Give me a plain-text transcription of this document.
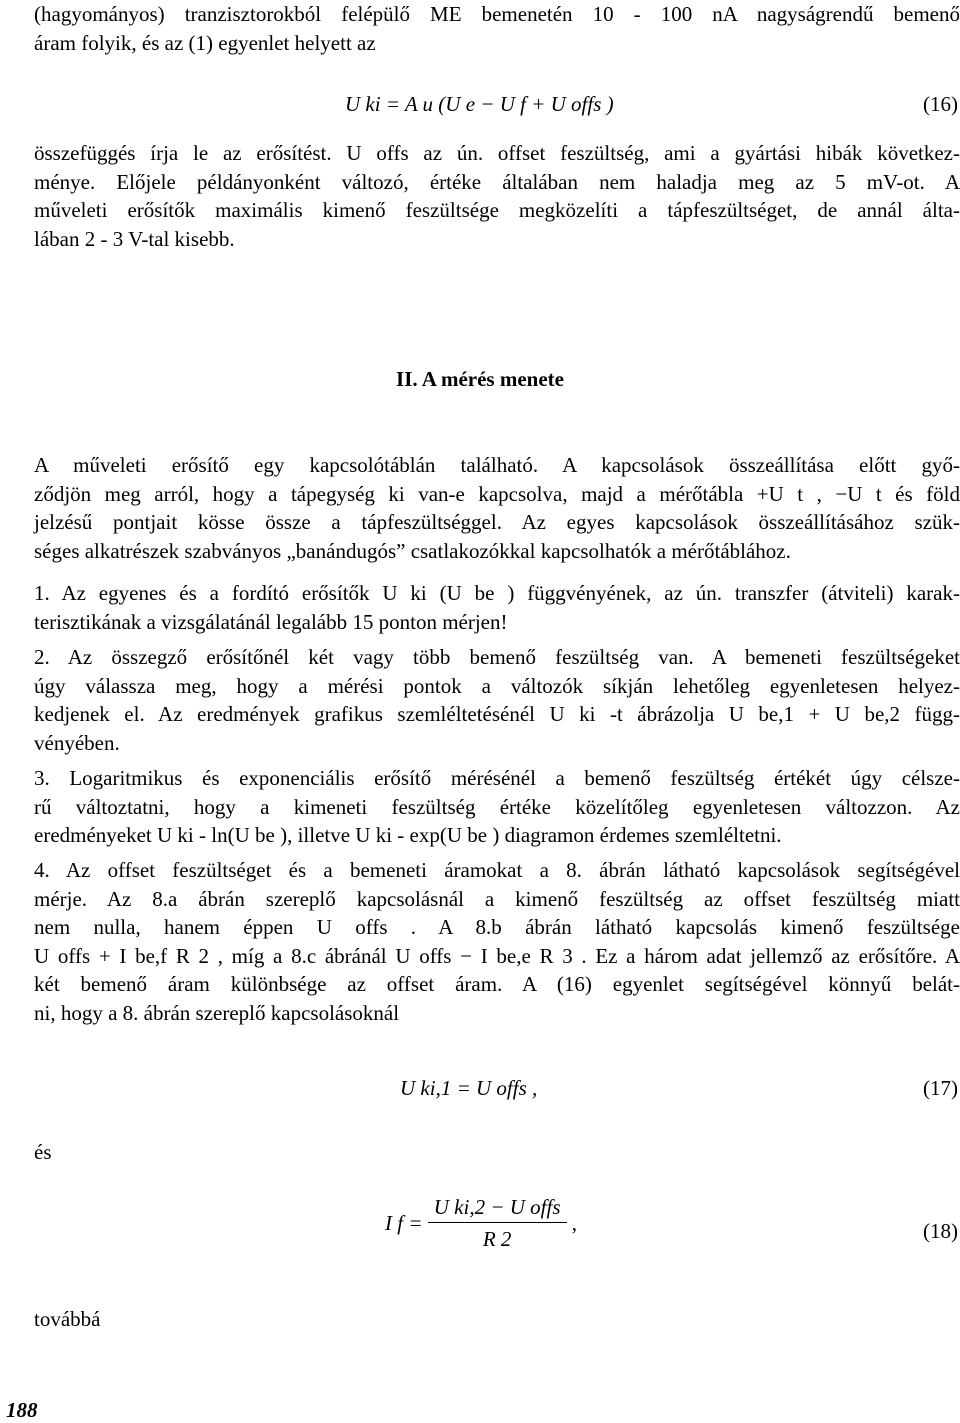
(hagyományos) tranzisztorokból felépülő ME bemenetén 10 - 100 nA nagyságrendű bemenő
áram folyik, és az (1) egyenlet helyett az
U ki = A u (U e − U f + U offs )	(16)
összefüggés írja le az erősítést. U offs az ún. offset feszültség, ami a gyártási hibák következ-
ménye. Előjele példányonként változó, értéke általában nem haladja meg az 5 mV-ot. A
műveleti erősítők maximális kimenő feszültsége megközelíti a tápfeszültséget, de annál álta-
lában 2 - 3 V-tal kisebb.
II. A mérés menete
A műveleti erősítő egy kapcsolótáblán található. A kapcsolások összeállítása előtt győ-
ződjön meg arról, hogy a tápegység ki van-e kapcsolva, majd a mérőtábla +U t , −U t és föld
jelzésű pontjait kösse össze a tápfeszültséggel. Az egyes kapcsolások összeállításához szük-
séges alkatrészek szabványos „banándugós” csatlakozókkal kapcsolhatók a mérőtáblához.
1. Az egyenes és a fordító erősítők U ki (U be ) függvényének, az ún. transzfer (átviteli) karak-
terisztikának a vizsgálatánál legalább 15 ponton mérjen!
2. Az összegző erősítőnél két vagy több bemenő feszültség van. A bemeneti feszültségeket
úgy válassza meg, hogy a mérési pontok a változók síkján lehetőleg egyenletesen helyez-
kedjenek el. Az eredmények grafikus szemléltetésénél U ki -t ábrázolja U be,1 + U be,2 függ-
vényében.
3. Logaritmikus és exponenciális erősítő mérésénél a bemenő feszültség értékét úgy célsze-
rű változtatni, hogy a kimeneti feszültség értéke közelítőleg egyenletesen változzon. Az
eredményeket U ki - ln(U be ), illetve U ki - exp(U be ) diagramon érdemes szemléltetni.
4. Az offset feszültséget és a bemeneti áramokat a 8. ábrán látható kapcsolások segítségével
mérje. Az 8.a ábrán szereplő kapcsolásnál a kimenő feszültség az offset feszültség miatt
nem nulla, hanem éppen U offs . A 8.b ábrán látható kapcsolás kimenő feszültsége
U offs + I be,f R 2 , míg a 8.c ábránál U offs − I be,e R 3 . Ez a három adat jellemző az erősítőre. A
két bemenő áram különbsége az offset áram. A (16) egyenlet segítségével könnyű belát-
ni, hogy a 8. ábrán szereplő kapcsolásoknál
U ki,1 = U offs ,	(17)
és
I $f = \frac{\text{U ki,2 − U offs}}{R 2}$ ,	(18)
továbbá
188
